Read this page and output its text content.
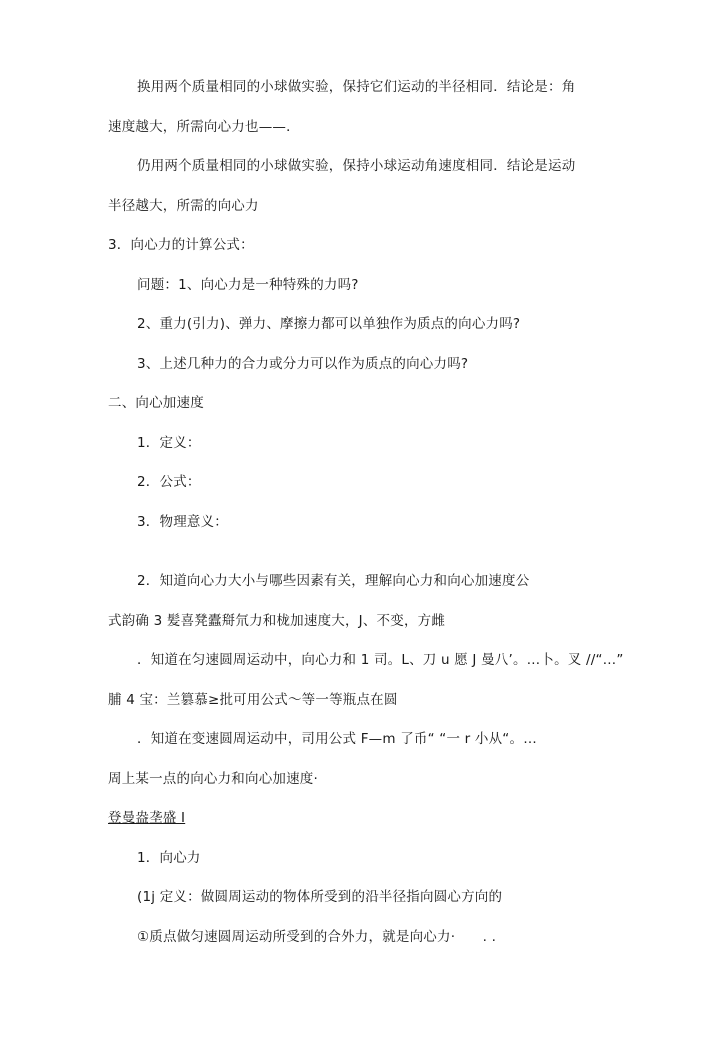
换用两个质量相同的小球做实验，保持它们运动的半径相同．结论是：角
速度越大，所需向心力也——．
仍用两个质量相同的小球做实验，保持小球运动角速度相同．结论是运动
半径越大，所需的向心力
3．向心力的计算公式：
问题：1、向心力是一种特殊的力吗?
2、重力(引力)、弹力、摩擦力都可以单独作为质点的向心力吗?
3、上述几种力的合力或分力可以作为质点的向心力吗?
二、向心加速度
1．定义：
2．公式：
3．物理意义：
2．知道向心力大小与哪些因素有关，理解向心力和向心加速度公
式韵确 3 髪喜凳蠹搿氘力和栊加速度大，J、不变，方雌
．知道在匀速圆周运动中，向心力和 1 司。L、刀 u 愿 J 曼八’。…卜。叉 //“…”
脯 4 宝：兰篡慕≥批可用公式～等一等瓶点在圆
．知道在变速圆周运动中，司用公式 F—m 了币“ “一 r 小从“。…
周上某一点的向心力和向心加速度·
登曼盎垄盛 I
1．向心力
(1j 定义：做圆周运动的物体所受到的沿半径指向圆心方向的
①质点做匀速圆周运动所受到的合外力，就是向心力·　　. .
